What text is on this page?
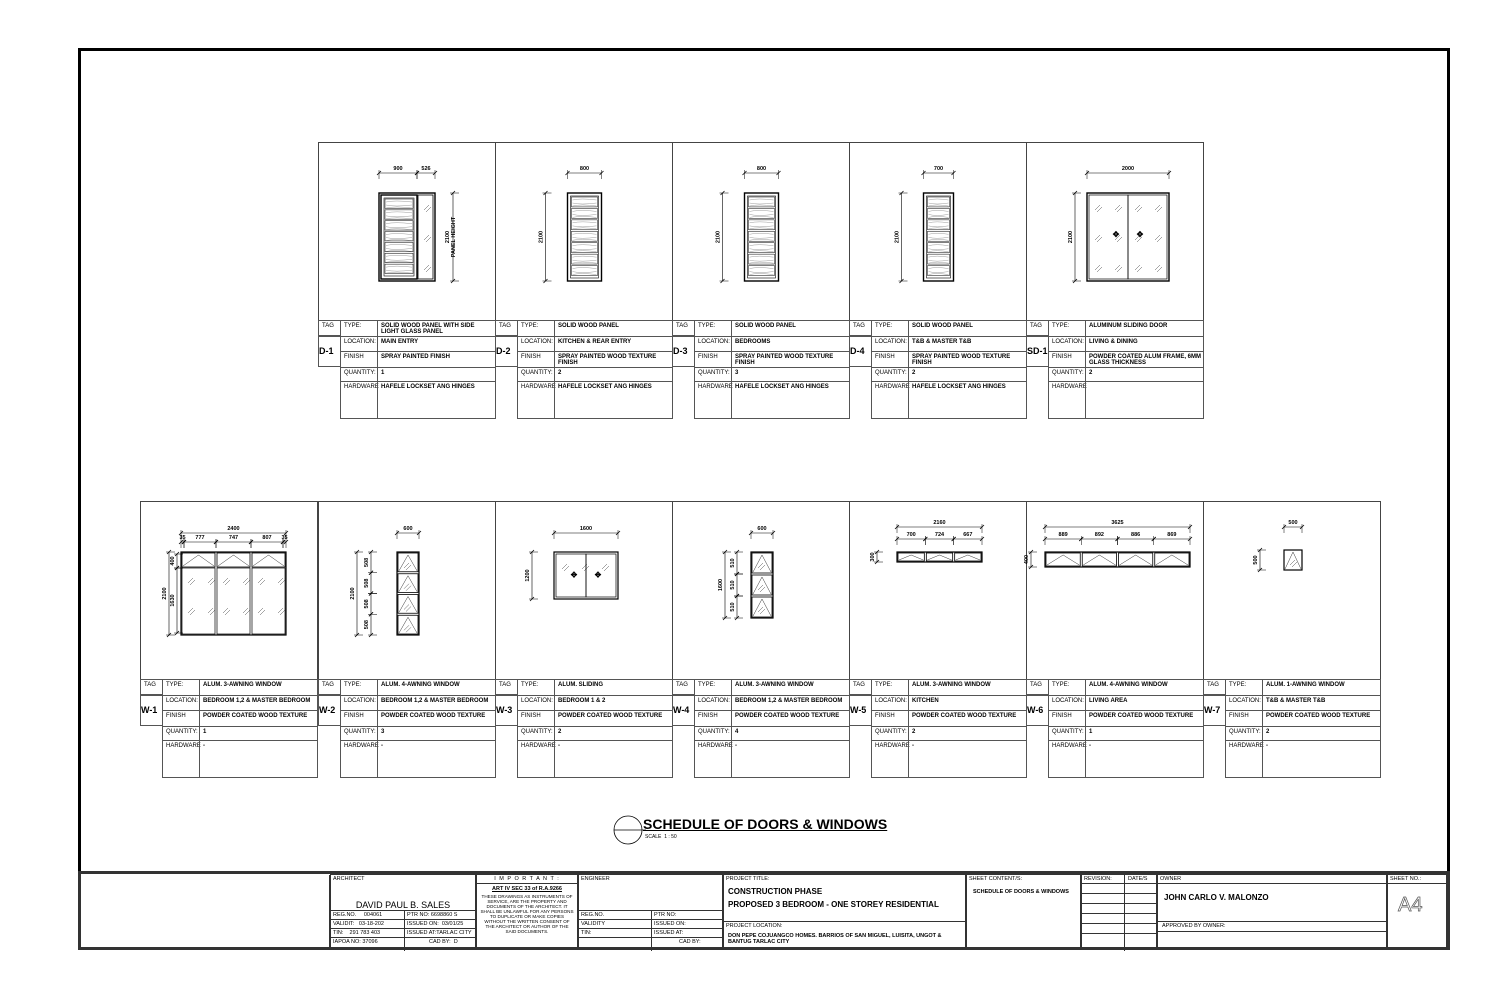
900	526
2100 PANEL HEIGHT
TAG
D-1
TYPE:	SOLID WOOD PANEL WITH SIDE LIGHT GLASS PANEL
LOCATION: MAIN ENTRY
FINISH	SPRAY PAINTED FINISH
QUANTITY: 1
HARDWARE HAFELE LOCKSET ANG HINGES
800
2100
TAG
D-2
TYPE:	SOLID WOOD PANEL
LOCATION: KITCHEN & REAR ENTRY
FINISH	SPRAY PAINTED WOOD TEXTURE FINISH
QUANTITY: 2
HARDWARE HAFELE LOCKSET ANG HINGES
800
2100
TAG
D-3
TYPE:	SOLID WOOD PANEL
LOCATION: BEDROOMS
FINISH	SPRAY PAINTED WOOD TEXTURE FINISH
QUANTITY: 3
HARDWARE HAFELE LOCKSET ANG HINGES
700
2100
TAG
D-4
TYPE:	SOLID WOOD PANEL
LOCATION: T&B & MASTER T&B
FINISH	SPRAY PAINTED WOOD TEXTURE FINISH
QUANTITY: 2
HARDWARE HAFELE LOCKSET ANG HINGES
✥ ✥
2000
2100
TAG
SD-1
TYPE:	ALUMINUM SLIDING DOOR
LOCATION: LIVING & DINING
FINISH	POWDER COATED ALUM FRAME, 6MM GLASS THICKNESS
QUANTITY: 2
HARDWARE
2400
35 777	747	807 35
2100
400
1630
TAG
W-1
TYPE:	ALUM. 3-AWNING WINDOW
LOCATION: BEDROOM 1,2 & MASTER BEDROOM
FINISH	POWDER COATED WOOD TEXTURE
QUANTITY: 1
HARDWARE -
600
2100
508
508
508
508
TAG
W-2
TYPE:	ALUM. 4-AWNING WINDOW
LOCATION: BEDROOM 1,2 & MASTER BEDROOM
FINISH	POWDER COATED WOOD TEXTURE
QUANTITY: 3
HARDWARE -
✥ ✥
1600
1200
TAG
W-3
TYPE:	ALUM. SLIDING
LOCATION: BEDROOM 1 & 2
FINISH	POWDER COATED WOOD TEXTURE
QUANTITY: 2
HARDWARE -
600
1600
510
510
510
TAG
W-4
TYPE:	ALUM. 3-AWNING WINDOW
LOCATION: BEDROOM 1,2 & MASTER BEDROOM
FINISH	POWDER COATED WOOD TEXTURE
QUANTITY: 4
HARDWARE -
2160
700	724	667
300
TAG
W-5
TYPE:	ALUM. 3-AWNING WINDOW
LOCATION: KITCHEN
FINISH	POWDER COATED WOOD TEXTURE
QUANTITY: 2
HARDWARE -
3625
889	892	886	869
400
TAG
W-6
TYPE:	ALUM. 4-AWNING WINDOW
LOCATION: LIVING AREA
FINISH	POWDER COATED WOOD TEXTURE
QUANTITY: 1
HARDWARE -
500
500
TAG
W-7
TYPE:	ALUM. 1-AWNING WINDOW
LOCATION: T&B & MASTER T&B
FINISH	POWDER COATED WOOD TEXTURE
QUANTITY: 2
HARDWARE -
SCHEDULE OF DOORS & WINDOWS
SCALE 1 : 50
ARCHITECT
DAVID PAUL B. SALES
REG.NO. 004061	PTR NO: 6698860 S
VALIDIT: 03-18-202	ISSUED ON: 03/01/25
TIN: 291 783 403	ISSUED AT:TARLAC CITY
IAPOA NO: 37096	CAD BY: D
I M P O R T A N T :
ART IV SEC 33 of R.A.9266
THESE DRAWINGS AS INSTRUMENTS OF SERVICE, ARE THE PROPERTY AND DOCUMENTS OF THE ARCHITECT. IT SHALL BE UNLAWFUL FOR ANY PERSONS TO DUPLICATE OR MAKE COPIES WITHOUT THE WRITTEN CONSENT OF THE ARCHITECT OR AUTHOR OF THE SAID DOCUMENTS.
ENGINEER
REG.NO.	PTR NO:
VALIDITY	ISSUED ON:
TIN:	ISSUED AT:
CAD BY:
PROJECT TITLE:
CONSTRUCTION PHASE
PROPOSED 3 BEDROOM - ONE STOREY RESIDENTIAL
PROJECT LOCATION:
DON PEPE COJUANGCO HOMES. BARRIOS OF SAN MIGUEL, LUISITA, UNGOT & BANTUG TARLAC CITY
SHEET CONTENT/S:
SCHEDULE OF DOORS & WINDOWS
REVISION:	DATE/S	OWNER
JOHN CARLO V. MALONZO
APPROVED BY OWNER:
SHEET NO.:
A4
